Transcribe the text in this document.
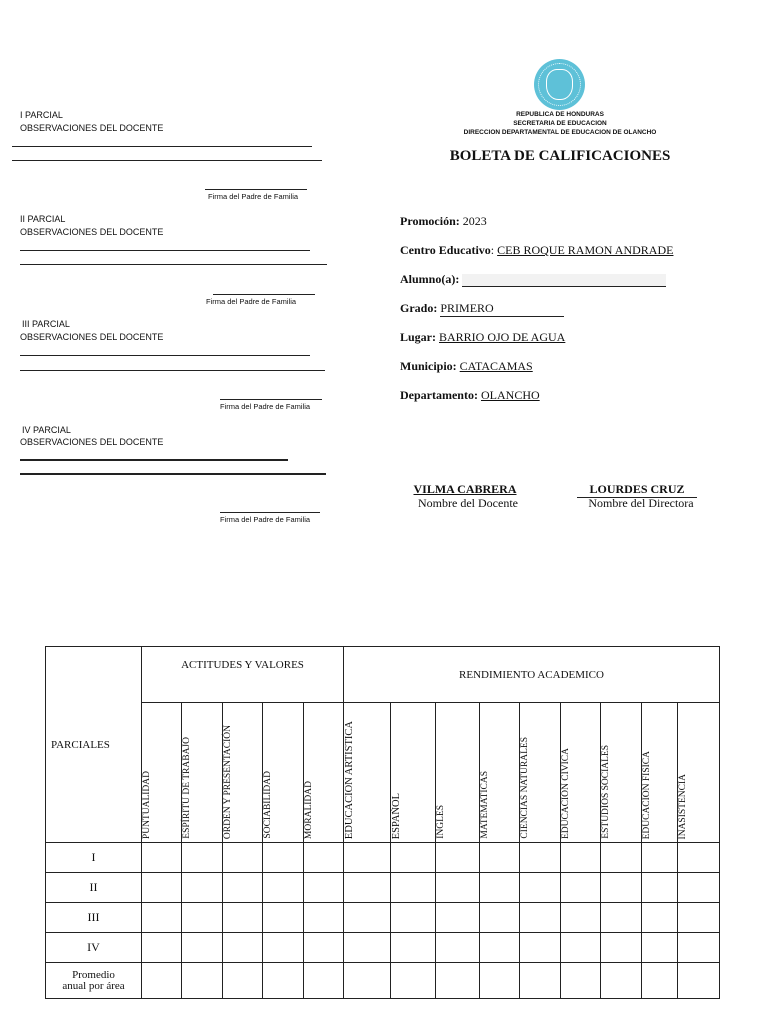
I PARCIAL
OBSERVACIONES DEL DOCENTE
Firma del Padre de Familia
II PARCIAL
OBSERVACIONES DEL DOCENTE
Firma del Padre de Familia
III PARCIAL
OBSERVACIONES DEL DOCENTE
Firma del Padre de Familia
IV PARCIAL
OBSERVACIONES DEL DOCENTE
Firma del Padre de Familia
REPUBLICA DE HONDURAS
SECRETARIA DE EDUCACION
DIRECCION DEPARTAMENTAL DE EDUCACION DE OLANCHO
BOLETA DE CALIFICACIONES
Promoción: 2023
Centro Educativo: CEB ROQUE RAMON ANDRADE
Alumno(a):
Grado: PRIMERO
Lugar: BARRIO OJO DE AGUA
Municipio: CATACAMAS
Departamento: OLANCHO
VILMA CABRERA
Nombre del Docente
LOURDES CRUZ
Nombre del Directora
PARCIALES	ACTITUDES Y VALORES					RENDIMIENTO ACADEMICO								
	PUNTUALIDAD	ESPÍRITU DE TRABAJO	ORDEN Y PRESENTACIÓN	SOCIABILIDAD	MORALIDAD	EDUCACION ARTISTICA	ESPAÑOL	INGLES	MATEMATICAS	CIENCIAS NATURALES	EDUCACION CIVICA	ESTUDIOS SOCIALES	EDUCACION FISICA	INASISTENCIA
I														
II														
III														
IV														

Promedio
anual por área														
